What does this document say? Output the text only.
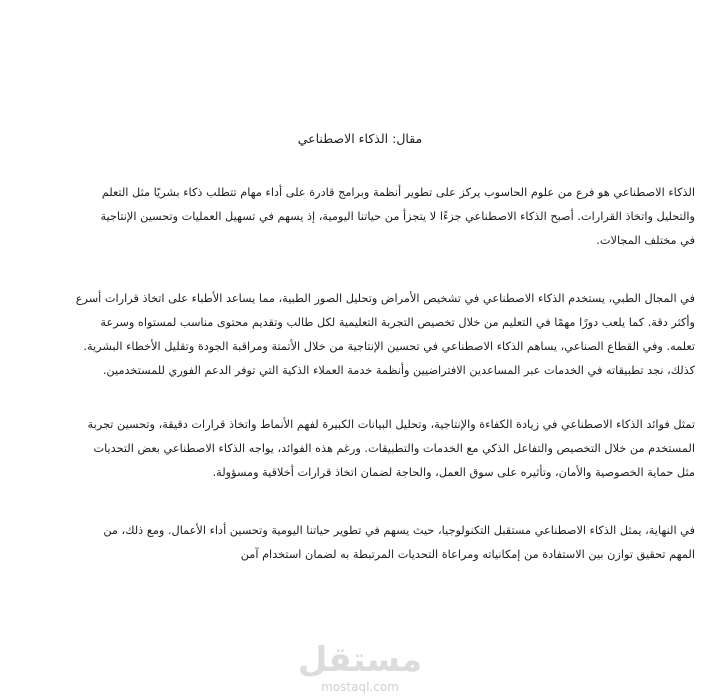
مقال: الذكاء الاصطناعي
الذكاء الاصطناعي هو فرع من علوم الحاسوب يركز على تطوير أنظمة وبرامج قادرة على أداء مهام تتطلب ذكاء بشريًا مثل التعلم
والتحليل واتخاذ القرارات. أصبح الذكاء الاصطناعي جزءًا لا يتجزأ من حياتنا اليومية، إذ يسهم في تسهيل العمليات وتحسين الإنتاجية
في مختلف المجالات.
في المجال الطبي، يستخدم الذكاء الاصطناعي في تشخيص الأمراض وتحليل الصور الطبية، مما يساعد الأطباء على اتخاذ قرارات أسرع
وأكثر دقة. كما يلعب دورًا مهمًا في التعليم من خلال تخصيص التجربة التعليمية لكل طالب وتقديم محتوى مناسب لمستواه وسرعة
تعلمه. وفي القطاع الصناعي، يساهم الذكاء الاصطناعي في تحسين الإنتاجية من خلال الأتمتة ومراقبة الجودة وتقليل الأخطاء البشرية.
كذلك، نجد تطبيقاته في الخدمات عبر المساعدين الافتراضيين وأنظمة خدمة العملاء الذكية التي توفر الدعم الفوري للمستخدمين.
تمثل فوائد الذكاء الاصطناعي في زيادة الكفاءة والإنتاجية، وتحليل البيانات الكبيرة لفهم الأنماط واتخاذ قرارات دقيقة، وتحسين تجربة
المستخدم من خلال التخصيص والتفاعل الذكي مع الخدمات والتطبيقات. ورغم هذه الفوائد، يواجه الذكاء الاصطناعي بعض التحديات
مثل حماية الخصوصية والأمان، وتأثيره على سوق العمل، والحاجة لضمان اتخاذ قرارات أخلاقية ومسؤولة.
في النهاية، يمثل الذكاء الاصطناعي مستقبل التكنولوجيا، حيث يسهم في تطوير حياتنا اليومية وتحسين أداء الأعمال. ومع ذلك، من
المهم تحقيق توازن بين الاستفادة من إمكانياته ومراعاة التحديات المرتبطة به لضمان استخدام آمن
مستقل
mostaql.com
